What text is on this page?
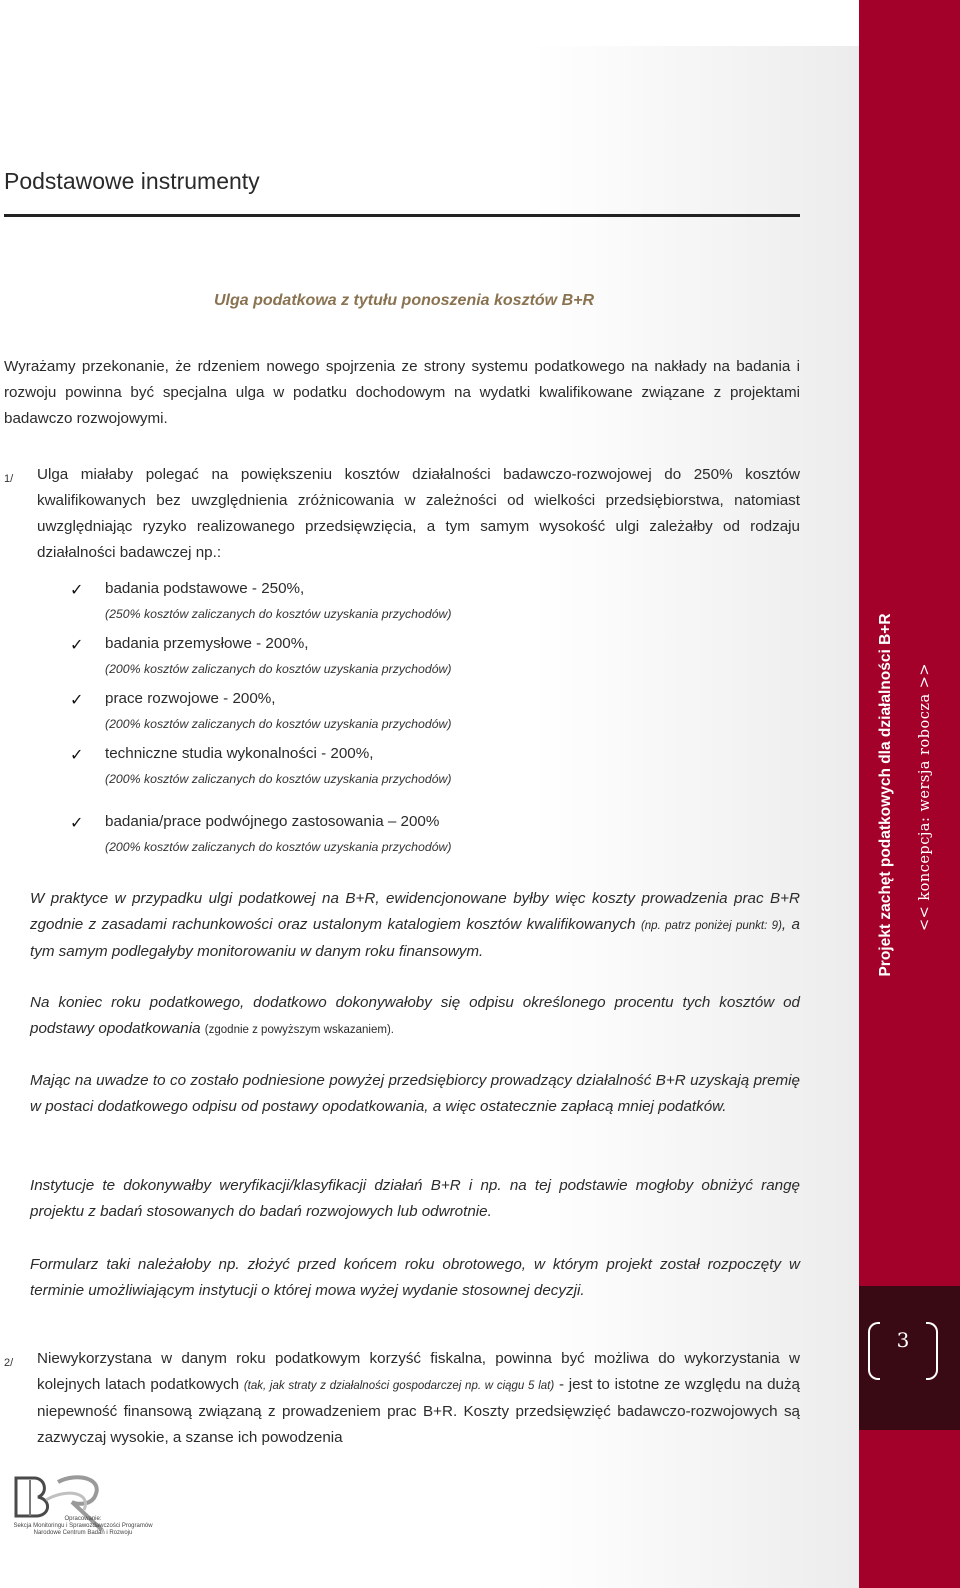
Projekt zachęt podatkowych dla działalności B+R << koncepcja: wersja robocza >>
3
Podstawowe instrumenty
Ulga podatkowa z tytułu ponoszenia kosztów B+R
Wyrażamy przekonanie, że rdzeniem nowego spojrzenia ze strony systemu podatkowego na nakłady na badania i rozwoju powinna być specjalna ulga w podatku dochodowym na wydatki kwalifikowane związane z projektami badawczo rozwojowymi.
1/ Ulga miałaby polegać na powiększeniu kosztów działalności badawczo-rozwojowej do 250% kosztów kwalifikowanych bez uwzględnienia zróżnicowania w zależności od wielkości przedsiębiorstwa, natomiast uwzględniając ryzyko realizowanego przedsięwzięcia, a tym samym wysokość ulgi zależałby od rodzaju działalności badawczej np.:
✓ badania podstawowe - 250%,
(250% kosztów zaliczanych do kosztów uzyskania przychodów)
✓ badania przemysłowe - 200%,
(200% kosztów zaliczanych do kosztów uzyskania przychodów)
✓ prace rozwojowe - 200%,
(200% kosztów zaliczanych do kosztów uzyskania przychodów)
✓ techniczne studia wykonalności - 200%,
(200% kosztów zaliczanych do kosztów uzyskania przychodów)
✓ badania/prace podwójnego zastosowania – 200%
(200% kosztów zaliczanych do kosztów uzyskania przychodów)
W praktyce w przypadku ulgi podatkowej na B+R, ewidencjonowane byłby więc koszty prowadzenia prac B+R zgodnie z zasadami rachunkowości oraz ustalonym katalogiem kosztów kwalifikowanych (np. patrz poniżej punkt: 9), a tym samym podlegałyby monitorowaniu w danym roku finansowym.
Na koniec roku podatkowego, dodatkowo dokonywałoby się odpisu określonego procentu tych kosztów od podstawy opodatkowania (zgodnie z powyższym wskazaniem).
Mając na uwadze to co zostało podniesione powyżej przedsiębiorcy prowadzący działalność B+R uzyskają premię w postaci dodatkowego odpisu od postawy opodatkowania, a więc ostatecznie zapłacą mniej podatków.
Instytucje te dokonywałby weryfikacji/klasyfikacji działań B+R i np. na tej podstawie mogłoby obniżyć rangę projektu z badań stosowanych do badań rozwojowych lub odwrotnie.
Formularz taki należałoby np. złożyć przed końcem roku obrotowego, w którym projekt został rozpoczęty w terminie umożliwiającym instytucji o której mowa wyżej wydanie stosownej decyzji.
2/ Niewykorzystana w danym roku podatkowym korzyść fiskalna, powinna być możliwa do wykorzystania w kolejnych latach podatkowych (tak, jak straty z działalności gospodarczej np. w ciągu 5 lat) - jest to istotne ze względu na dużą niepewność finansową związaną z prowadzeniem prac B+R. Koszty przedsięwzięć badawczo-rozwojowych są zazwyczaj wysokie, a szanse ich powodzenia
Opracowanie:
Sekcja Monitoringu i Sprawozdawczości Programów
Narodowe Centrum Badań i Rozwoju
